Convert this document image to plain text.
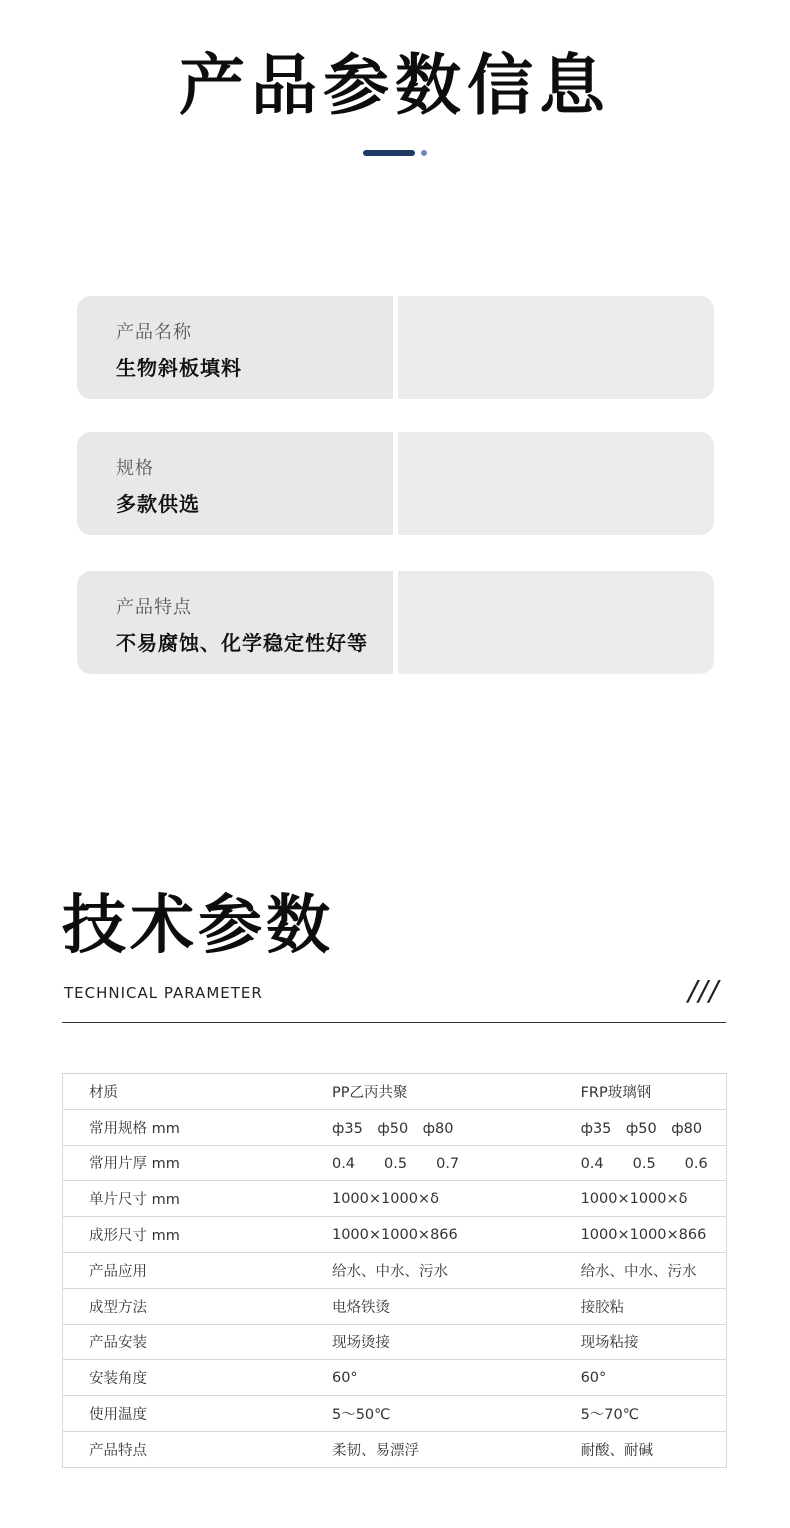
产品参数信息
产品名称
生物斜板填料
规格
多款供选
产品特点
不易腐蚀、化学稳定性好等
技术参数
TECHNICAL PARAMETER	///
材质	PP乙丙共聚	FRP玻璃钢
常用规格 mm	ф35　ф50　ф80	ф35　ф50　ф80
常用片厚 mm	0.4　　0.5　　0.7	0.4　　0.5　　0.6
单片尺寸 mm	1000×1000×δ	1000×1000×δ
成形尺寸 mm	1000×1000×866	1000×1000×866
产品应用	给水、中水、污水	给水、中水、污水
成型方法	电烙铁烫	接胶粘
产品安装	现场烫接	现场粘接
安装角度	60°	60°
使用温度	5～50℃	5～70℃
产品特点	柔韧、易漂浮	耐酸、耐碱
